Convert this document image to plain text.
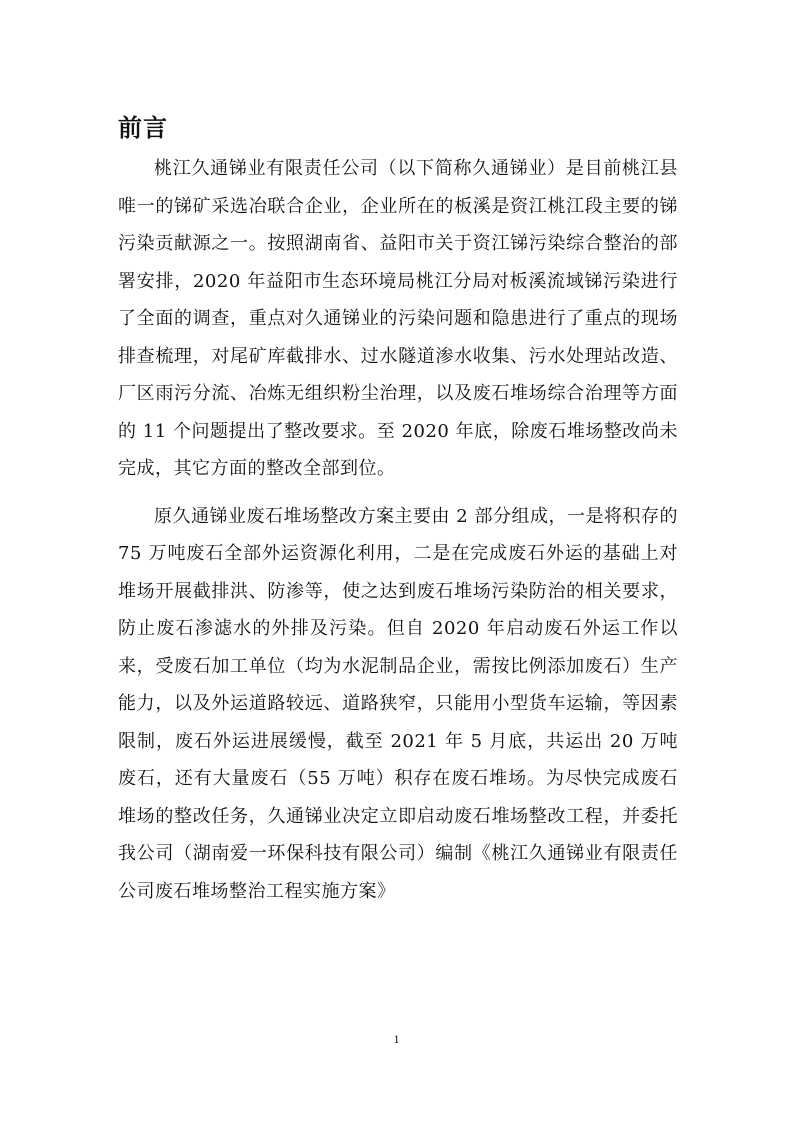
前言

桃江久通锑业有限责任公司（以下简称久通锑业）是目前桃江县唯一的锑矿采选冶联合企业，企业所在的板溪是资江桃江段主要的锑污染贡献源之一。按照湖南省、益阳市关于资江锑污染综合整治的部署安排，2020 年益阳市生态环境局桃江分局对板溪流域锑污染进行了全面的调查，重点对久通锑业的污染问题和隐患进行了重点的现场排查梳理，对尾矿库截排水、过水隧道渗水收集、污水处理站改造、厂区雨污分流、冶炼无组织粉尘治理，以及废石堆场综合治理等方面的 11 个问题提出了整改要求。至 2020 年底，除废石堆场整改尚未完成，其它方面的整改全部到位。

原久通锑业废石堆场整改方案主要由 2 部分组成，一是将积存的 75 万吨废石全部外运资源化利用，二是在完成废石外运的基础上对堆场开展截排洪、防渗等，使之达到废石堆场污染防治的相关要求，防止废石渗滤水的外排及污染。但自 2020 年启动废石外运工作以来，受废石加工单位（均为水泥制品企业，需按比例添加废石）生产能力，以及外运道路较远、道路狭窄，只能用小型货车运输，等因素限制，废石外运进展缓慢，截至 2021 年 5 月底，共运出 20 万吨废石，还有大量废石（55 万吨）积存在废石堆场。为尽快完成废石堆场的整改任务，久通锑业决定立即启动废石堆场整改工程，并委托我公司（湖南爱一环保科技有限公司）编制《桃江久通锑业有限责任公司废石堆场整治工程实施方案》

1
